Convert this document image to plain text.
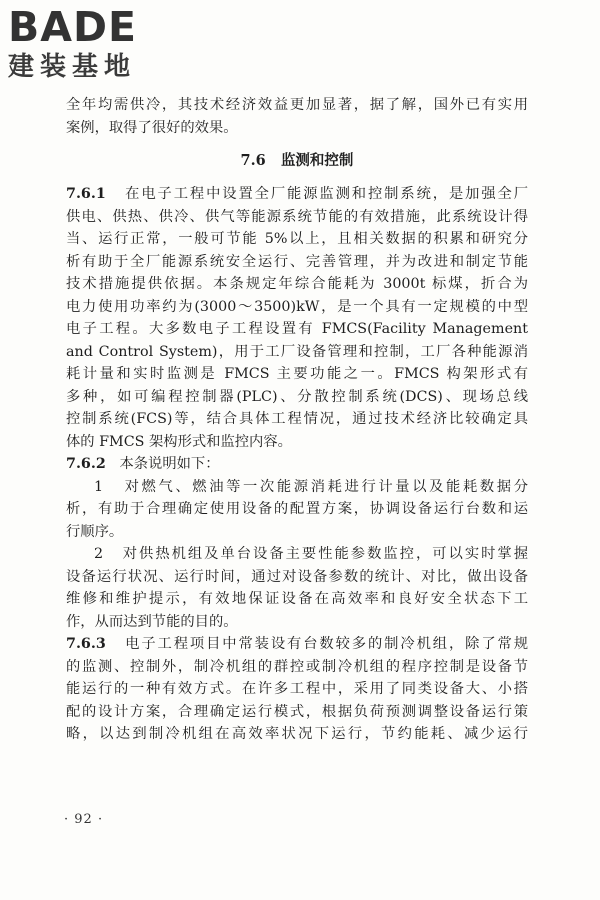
BADE
建装基地
全年均需供冷，其技术经济效益更加显著，据了解，国外已有实用
案例，取得了很好的效果。
7.6 监测和控制
7.6.1 在电子工程中设置全厂能源监测和控制系统，是加强全厂
供电、供热、供冷、供气等能源系统节能的有效措施，此系统设计得
当、运行正常，一般可节能 5%以上，且相关数据的积累和研究分
析有助于全厂能源系统安全运行、完善管理，并为改进和制定节能
技术措施提供依据。本条规定年综合能耗为 3000t 标煤，折合为
电力使用功率约为(3000～3500)kW，是一个具有一定规模的中型
电子工程。大多数电子工程设置有 FMCS(Facility Management
and Control System)，用于工厂设备管理和控制，工厂各种能源消
耗计量和实时监测是 FMCS 主要功能之一。FMCS 构架形式有
多种，如可编程控制器(PLC)、分散控制系统(DCS)、现场总线
控制系统(FCS)等，结合具体工程情况，通过技术经济比较确定具
体的 FMCS 架构形式和监控内容。
7.6.2 本条说明如下：
1 对燃气、燃油等一次能源消耗进行计量以及能耗数据分
析，有助于合理确定使用设备的配置方案，协调设备运行台数和运
行顺序。
2 对供热机组及单台设备主要性能参数监控，可以实时掌握
设备运行状况、运行时间，通过对设备参数的统计、对比，做出设备
维修和维护提示，有效地保证设备在高效率和良好安全状态下工
作，从而达到节能的目的。
7.6.3 电子工程项目中常装设有台数较多的制冷机组，除了常规
的监测、控制外，制冷机组的群控或制冷机组的程序控制是设备节
能运行的一种有效方式。在许多工程中，采用了同类设备大、小搭
配的设计方案，合理确定运行模式，根据负荷预测调整设备运行策
略，以达到制冷机组在高效率状况下运行，节约能耗、减少运行
· 92 ·
